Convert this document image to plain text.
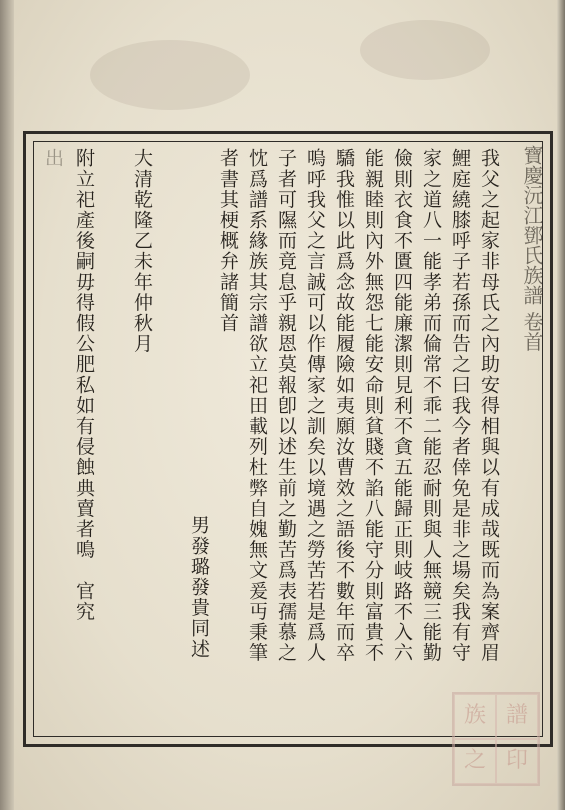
寶慶沅江鄧氏族譜 卷首
我父之起家非母氏之內助安得相與以有成哉既而為案齊眉
鯉庭繞膝呼子若孫而告之曰我今者倖免是非之場矣我有守
家之道八一能孝弟而倫常不乖二能忍耐則與人無競三能勤
儉則衣食不匱四能廉潔則見利不貪五能歸正則岐路不入六
能親睦則內外無怨七能安命則貧賤不諂八能守分則富貴不
驕我惟以此爲念故能履險如夷願汝曹效之語後不數年而卒
嗚呼我父之言誠可以作傳家之訓矣以境遇之勞苦若是爲人
子者可隰而竟息乎親恩莫報卽以述生前之勤苦爲表孺慕之
忱爲譜系緣族其宗譜欲立祀田載列杜弊自媿無文爰丏秉筆
者書其梗概弁諸簡首
男發璐發貴同述
大清乾隆乙未年仲秋月
附立祀產後嗣毋得假公肥私如有侵蝕典賣者鳴　官究
出
族 譜
之 印
